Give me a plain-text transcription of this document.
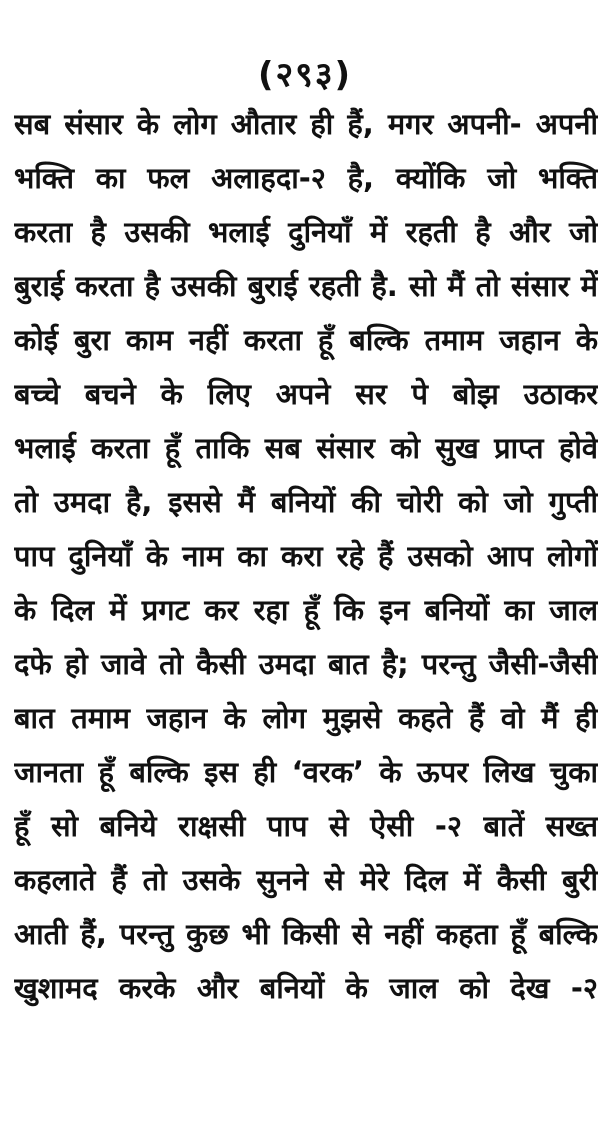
(२९३)
सब संसार के लोग औतार ही हैं, मगर अपनी- अपनी
भक्ति का फल अलाहदा-२ है, क्योंकि जो भक्ति
करता है उसकी भलाई दुनियाँ में रहती है और जो
बुराई करता है उसकी बुराई रहती है. सो मैं तो संसार में
कोई बुरा काम नहीं करता हूँ बल्कि तमाम जहान के
बच्चे बचने के लिए अपने सर पे बोझ उठाकर
भलाई करता हूँ ताकि सब संसार को सुख प्राप्त होवे
तो उमदा है, इससे मैं बनियों की चोरी को जो गुप्ती
पाप दुनियाँ के नाम का करा रहे हैं उसको आप लोगों
के दिल में प्रगट कर रहा हूँ कि इन बनियों का जाल
दफे हो जावे तो कैसी उमदा बात है; परन्तु जैसी-जैसी
बात तमाम जहान के लोग मुझसे कहते हैं वो मैं ही
जानता हूँ बल्कि इस ही ‘वरक’ के ऊपर लिख चुका
हूँ सो बनिये राक्षसी पाप से ऐसी -२ बातें सख्त
कहलाते हैं तो उसके सुनने से मेरे दिल में कैसी बुरी
आती हैं, परन्तु कुछ भी किसी से नहीं कहता हूँ बल्कि
खुशामद करके और बनियों के जाल को देख -२
